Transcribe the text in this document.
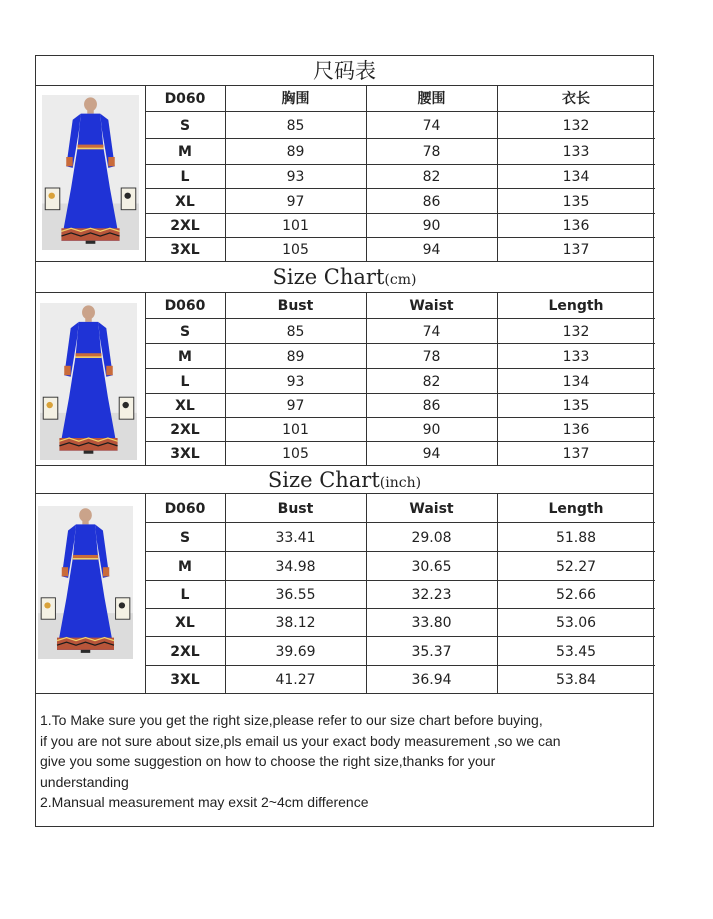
尺码表
D060	胸围	腰围	衣长
S	85	74	132
M	89	78	133
L	93	82	134
XL	97	86	135
2XL	101	90	136
3XL	105	94	137
Size Chart(cm)
D060	Bust	Waist	Length
S	85	74	132
M	89	78	133
L	93	82	134
XL	97	86	135
2XL	101	90	136
3XL	105	94	137
Size Chart(inch)
D060	Bust	Waist	Length
S	33.41	29.08	51.88
M	34.98	30.65	52.27
L	36.55	32.23	52.66
XL	38.12	33.80	53.06
2XL	39.69	35.37	53.45
3XL	41.27	36.94	53.84

1.To Make sure you get the right size,please refer to our size chart before buying,

if you are not sure about size,pls email us your exact body measurement ,so we can

give you some suggestion on how to choose the right size,thanks for your

understanding

2.Mansual measurement may exsit 2~4cm difference
